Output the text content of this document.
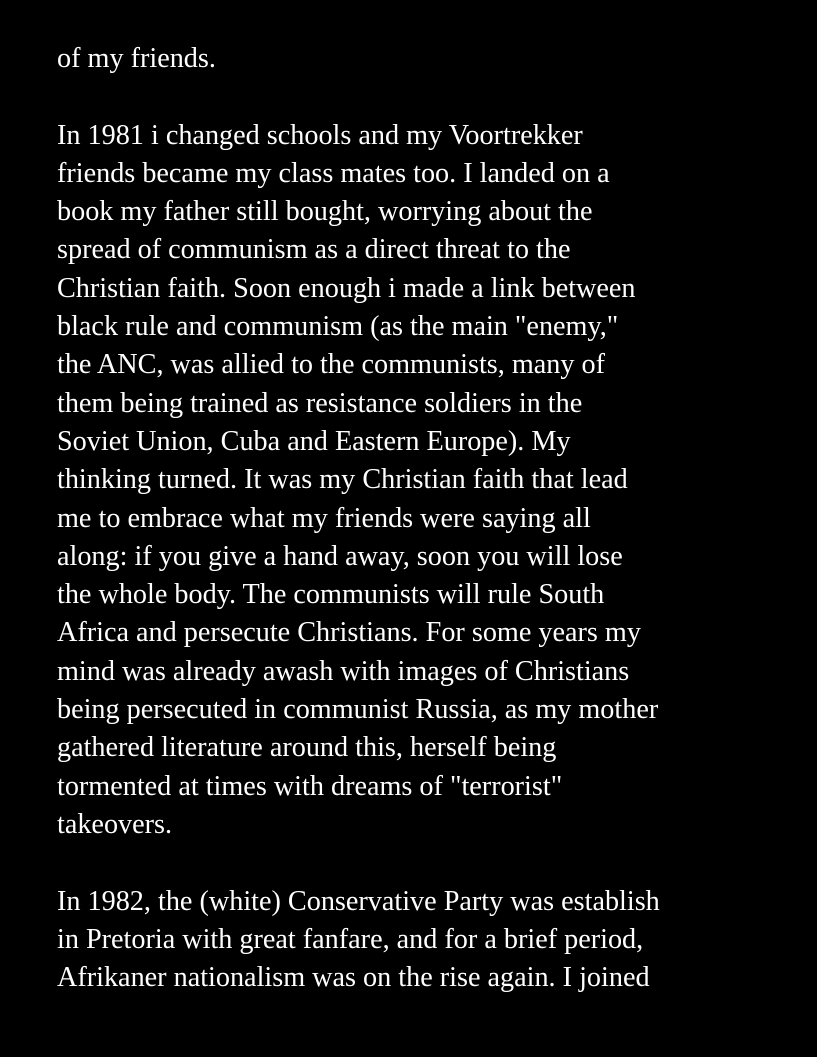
of my friends.
In 1981 i changed schools and my Voortrekker
friends became my class mates too. I landed on a
book my father still bought, worrying about the
spread of communism as a direct threat to the
Christian faith. Soon enough i made a link between
black rule and communism (as the main "enemy,"
the ANC, was allied to the communists, many of
them being trained as resistance soldiers in the
Soviet Union, Cuba and Eastern Europe). My
thinking turned. It was my Christian faith that lead
me to embrace what my friends were saying all
along: if you give a hand away, soon you will lose
the whole body. The communists will rule South
Africa and persecute Christians. For some years my
mind was already awash with images of Christians
being persecuted in communist Russia, as my mother
gathered literature around this, herself being
tormented at times with dreams of "terrorist"
takeovers.
In 1982, the (white) Conservative Party was establish
in Pretoria with great fanfare, and for a brief period,
Afrikaner nationalism was on the rise again. I joined
